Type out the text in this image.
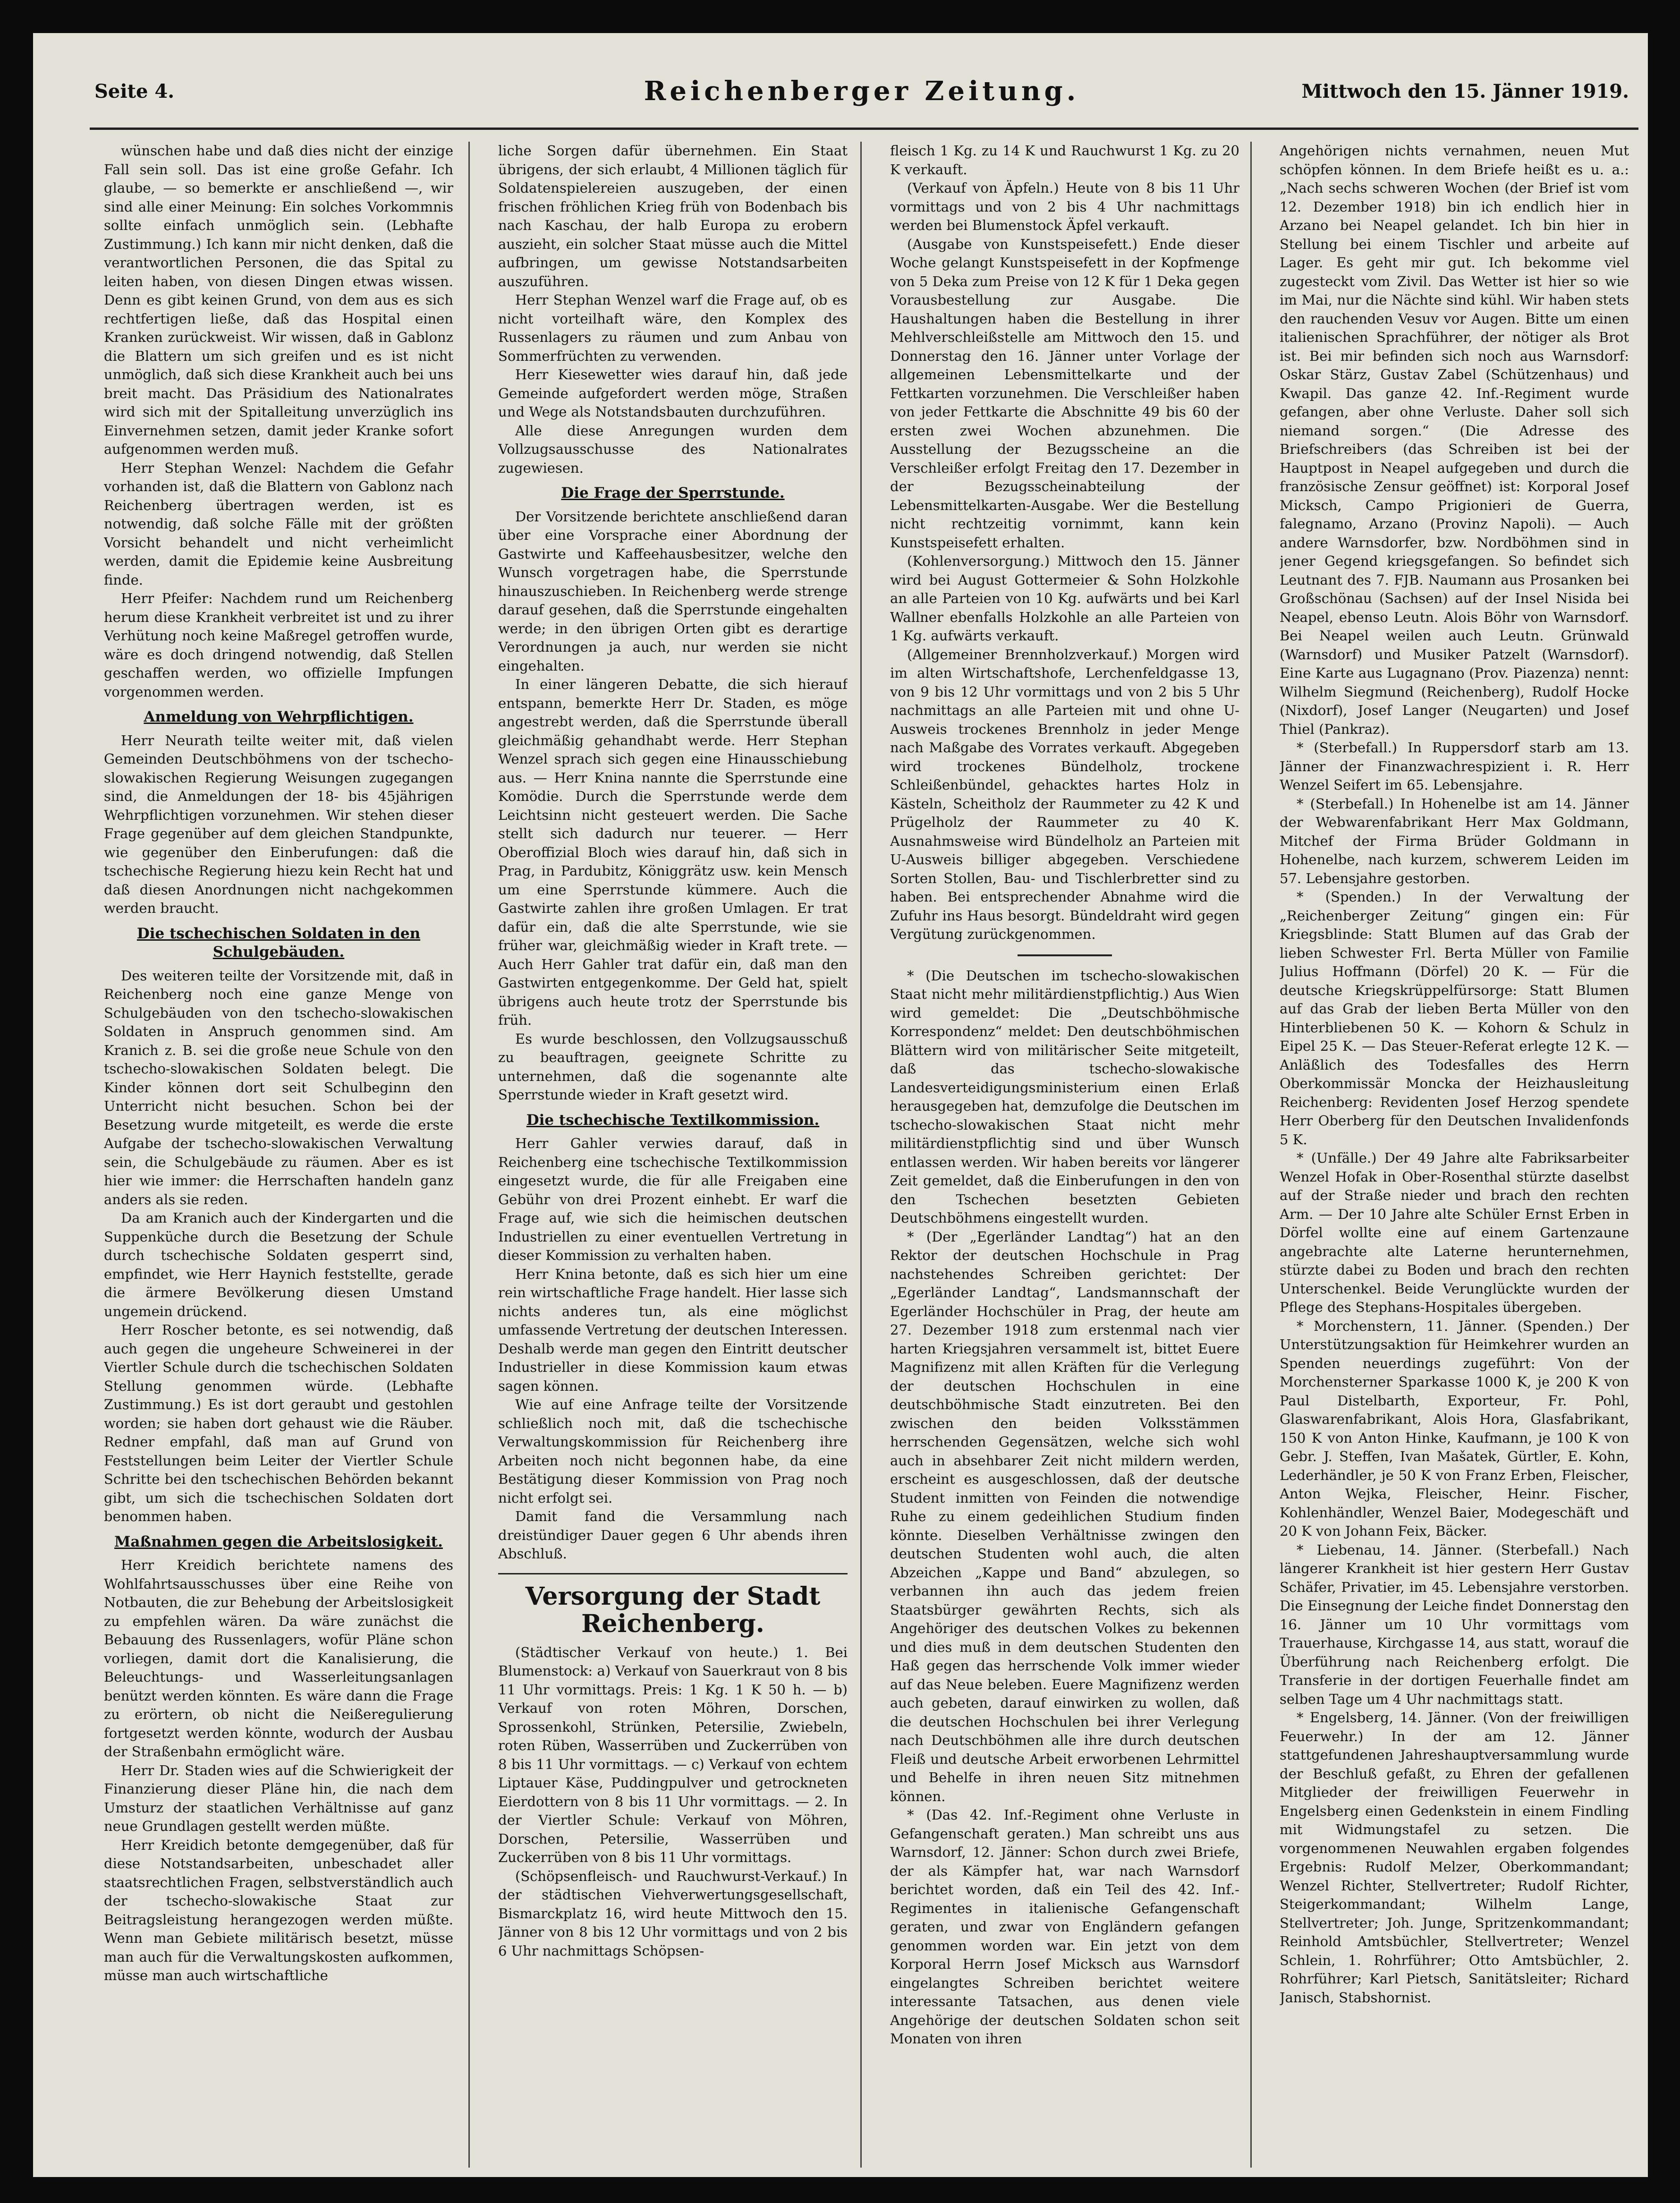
Seite 4.	Reichenberger Zeitung.	Mittwoch den 15. Jänner 1919.

wünschen habe und daß dies nicht der einzige Fall sein soll. Das ist eine große Gefahr. Ich glaube, — so bemerkte er anschließend —, wir sind alle einer Meinung: Ein solches Vorkommnis sollte einfach unmöglich sein. (Lebhafte Zustimmung.) Ich kann mir nicht denken, daß die verantwortlichen Personen, die das Spital zu leiten haben, von diesen Dingen etwas wissen. Denn es gibt keinen Grund, von dem aus es sich rechtfertigen ließe, daß das Hospital einen Kranken zurückweist. Wir wissen, daß in Gablonz die Blattern um sich greifen und es ist nicht unmöglich, daß sich diese Krankheit auch bei uns breit macht. Das Präsidium des Nationalrates wird sich mit der Spitalleitung unverzüglich ins Einvernehmen setzen, damit jeder Kranke sofort aufgenommen werden muß.

Herr Stephan Wenzel: Nachdem die Gefahr vorhanden ist, daß die Blattern von Gablonz nach Reichenberg übertragen werden, ist es notwendig, daß solche Fälle mit der größten Vorsicht behandelt und nicht verheimlicht werden, damit die Epidemie keine Ausbreitung finde.

Herr Pfeifer: Nachdem rund um Reichenberg herum diese Krankheit verbreitet ist und zu ihrer Verhütung noch keine Maßregel getroffen wurde, wäre es doch dringend notwendig, daß Stellen geschaffen werden, wo offizielle Impfungen vorgenommen werden.

Anmeldung von Wehrpflichtigen.

Herr Neurath teilte weiter mit, daß vielen Gemeinden Deutschböhmens von der tschecho-slowakischen Regierung Weisungen zugegangen sind, die Anmeldungen der 18- bis 45jährigen Wehrpflichtigen vorzunehmen. Wir stehen dieser Frage gegenüber auf dem gleichen Standpunkte, wie gegenüber den Einberufungen: daß die tschechische Regierung hiezu kein Recht hat und daß diesen Anordnungen nicht nachgekommen werden braucht.

Die tschechischen Soldaten in den Schulgebäuden.

Des weiteren teilte der Vorsitzende mit, daß in Reichenberg noch eine ganze Menge von Schulgebäuden von den tschecho-slowakischen Soldaten in Anspruch genommen sind. Am Kranich z. B. sei die große neue Schule von den tschecho-slowakischen Soldaten belegt. Die Kinder können dort seit Schulbeginn den Unterricht nicht besuchen. Schon bei der Besetzung wurde mitgeteilt, es werde die erste Aufgabe der tschecho-slowakischen Verwaltung sein, die Schulgebäude zu räumen. Aber es ist hier wie immer: die Herrschaften handeln ganz anders als sie reden.

Da am Kranich auch der Kindergarten und die Suppenküche durch die Besetzung der Schule durch tschechische Soldaten gesperrt sind, empfindet, wie Herr Haynich feststellte, gerade die ärmere Bevölkerung diesen Umstand ungemein drückend.

Herr Roscher betonte, es sei notwendig, daß auch gegen die ungeheure Schweinerei in der Viertler Schule durch die tschechischen Soldaten Stellung genommen würde. (Lebhafte Zustimmung.) Es ist dort geraubt und gestohlen worden; sie haben dort gehaust wie die Räuber. Redner empfahl, daß man auf Grund von Feststellungen beim Leiter der Viertler Schule Schritte bei den tschechischen Behörden bekannt gibt, um sich die tschechischen Soldaten dort benommen haben.

Maßnahmen gegen die Arbeitslosigkeit.

Herr Kreidich berichtete namens des Wohlfahrtsausschusses über eine Reihe von Notbauten, die zur Behebung der Arbeitslosigkeit zu empfehlen wären. Da wäre zunächst die Bebauung des Russenlagers, wofür Pläne schon vorliegen, damit dort die Kanalisierung, die Beleuchtungs- und Wasserleitungsanlagen benützt werden könnten. Es wäre dann die Frage zu erörtern, ob nicht die Neißeregulierung fortgesetzt werden könnte, wodurch der Ausbau der Straßenbahn ermöglicht wäre.

Herr Dr. Staden wies auf die Schwierigkeit der Finanzierung dieser Pläne hin, die nach dem Umsturz der staatlichen Verhältnisse auf ganz neue Grundlagen gestellt werden müßte.

Herr Kreidich betonte demgegenüber, daß für diese Notstandsarbeiten, unbeschadet aller staatsrechtlichen Fragen, selbstverständlich auch der tschecho-slowakische Staat zur Beitragsleistung herangezogen werden müßte. Wenn man Gebiete militärisch besetzt, müsse man auch für die Verwaltungskosten aufkommen, müsse man auch wirtschaftliche

liche Sorgen dafür übernehmen. Ein Staat übrigens, der sich erlaubt, 4 Millionen täglich für Soldatenspielereien auszugeben, der einen frischen fröhlichen Krieg früh von Bodenbach bis nach Kaschau, der halb Europa zu erobern auszieht, ein solcher Staat müsse auch die Mittel aufbringen, um gewisse Notstandsarbeiten auszuführen.

Herr Stephan Wenzel warf die Frage auf, ob es nicht vorteilhaft wäre, den Komplex des Russenlagers zu räumen und zum Anbau von Sommerfrüchten zu verwenden.

Herr Kiesewetter wies darauf hin, daß jede Gemeinde aufgefordert werden möge, Straßen und Wege als Notstandsbauten durchzuführen.

Alle diese Anregungen wurden dem Vollzugsausschusse des Nationalrates zugewiesen.

Die Frage der Sperrstunde.

Der Vorsitzende berichtete anschließend daran über eine Vorsprache einer Abordnung der Gastwirte und Kaffeehausbesitzer, welche den Wunsch vorgetragen habe, die Sperrstunde hinauszuschieben. In Reichenberg werde strenge darauf gesehen, daß die Sperrstunde eingehalten werde; in den übrigen Orten gibt es derartige Verordnungen ja auch, nur werden sie nicht eingehalten.

In einer längeren Debatte, die sich hierauf entspann, bemerkte Herr Dr. Staden, es möge angestrebt werden, daß die Sperrstunde überall gleichmäßig gehandhabt werde. Herr Stephan Wenzel sprach sich gegen eine Hinausschiebung aus. — Herr Knina nannte die Sperrstunde eine Komödie. Durch die Sperrstunde werde dem Leichtsinn nicht gesteuert werden. Die Sache stellt sich dadurch nur teuerer. — Herr Oberoffizial Bloch wies darauf hin, daß sich in Prag, in Pardubitz, Königgrätz usw. kein Mensch um eine Sperrstunde kümmere. Auch die Gastwirte zahlen ihre großen Umlagen. Er trat dafür ein, daß die alte Sperrstunde, wie sie früher war, gleichmäßig wieder in Kraft trete. — Auch Herr Gahler trat dafür ein, daß man den Gastwirten entgegenkomme. Der Geld hat, spielt übrigens auch heute trotz der Sperrstunde bis früh.

Es wurde beschlossen, den Vollzugsausschuß zu beauftragen, geeignete Schritte zu unternehmen, daß die sogenannte alte Sperrstunde wieder in Kraft gesetzt wird.

Die tschechische Textilkommission.

Herr Gahler verwies darauf, daß in Reichenberg eine tschechische Textilkommission eingesetzt wurde, die für alle Freigaben eine Gebühr von drei Prozent einhebt. Er warf die Frage auf, wie sich die heimischen deutschen Industriellen zu einer eventuellen Vertretung in dieser Kommission zu verhalten haben.

Herr Knina betonte, daß es sich hier um eine rein wirtschaftliche Frage handelt. Hier lasse sich nichts anderes tun, als eine möglichst umfassende Vertretung der deutschen Interessen. Deshalb werde man gegen den Eintritt deutscher Industrieller in diese Kommission kaum etwas sagen können.

Wie auf eine Anfrage teilte der Vorsitzende schließlich noch mit, daß die tschechische Verwaltungskommission für Reichenberg ihre Arbeiten noch nicht begonnen habe, da eine Bestätigung dieser Kommission von Prag noch nicht erfolgt sei.

Damit fand die Versammlung nach dreistündiger Dauer gegen 6 Uhr abends ihren Abschluß.

Versorgung der Stadt Reichenberg.

(Städtischer Verkauf von heute.) 1. Bei Blumenstock: a) Verkauf von Sauerkraut von 8 bis 11 Uhr vormittags. Preis: 1 Kg. 1 K 50 h. — b) Verkauf von roten Möhren, Dorschen, Sprossenkohl, Strünken, Petersilie, Zwiebeln, roten Rüben, Wasserrüben und Zuckerrüben von 8 bis 11 Uhr vormittags. — c) Verkauf von echtem Liptauer Käse, Puddingpulver und getrockneten Eierdottern von 8 bis 11 Uhr vormittags. — 2. In der Viertler Schule: Verkauf von Möhren, Dorschen, Petersilie, Wasserrüben und Zuckerrüben von 8 bis 11 Uhr vormittags.

(Schöpsenfleisch- und Rauchwurst-Verkauf.) In der städtischen Viehverwertungsgesellschaft, Bismarckplatz 16, wird heute Mittwoch den 15. Jänner von 8 bis 12 Uhr vormittags und von 2 bis 6 Uhr nachmittags Schöpsen-

fleisch 1 Kg. zu 14 K und Rauchwurst 1 Kg. zu 20 K verkauft.

(Verkauf von Äpfeln.) Heute von 8 bis 11 Uhr vormittags und von 2 bis 4 Uhr nachmittags werden bei Blumenstock Äpfel verkauft.

(Ausgabe von Kunstspeisefett.) Ende dieser Woche gelangt Kunstspeisefett in der Kopfmenge von 5 Deka zum Preise von 12 K für 1 Deka gegen Vorausbestellung zur Ausgabe. Die Haushaltungen haben die Bestellung in ihrer Mehlverschleißstelle am Mittwoch den 15. und Donnerstag den 16. Jänner unter Vorlage der allgemeinen Lebensmittelkarte und der Fettkarten vorzunehmen. Die Verschleißer haben von jeder Fettkarte die Abschnitte 49 bis 60 der ersten zwei Wochen abzunehmen. Die Ausstellung der Bezugsscheine an die Verschleißer erfolgt Freitag den 17. Dezember in der Bezugsscheinabteilung der Lebensmittelkarten-Ausgabe. Wer die Bestellung nicht rechtzeitig vornimmt, kann kein Kunstspeisefett erhalten.

(Kohlenversorgung.) Mittwoch den 15. Jänner wird bei August Gottermeier & Sohn Holzkohle an alle Parteien von 10 Kg. aufwärts und bei Karl Wallner ebenfalls Holzkohle an alle Parteien von 1 Kg. aufwärts verkauft.

(Allgemeiner Brennholzverkauf.) Morgen wird im alten Wirtschaftshofe, Lerchenfeldgasse 13, von 9 bis 12 Uhr vormittags und von 2 bis 5 Uhr nachmittags an alle Parteien mit und ohne U-Ausweis trockenes Brennholz in jeder Menge nach Maßgabe des Vorrates verkauft. Abgegeben wird trockenes Bündelholz, trockene Schleißenbündel, gehacktes hartes Holz in Kästeln, Scheitholz der Raummeter zu 42 K und Prügelholz der Raummeter zu 40 K. Ausnahmsweise wird Bündelholz an Parteien mit U-Ausweis billiger abgegeben. Verschiedene Sorten Stollen, Bau- und Tischlerbretter sind zu haben. Bei entsprechender Abnahme wird die Zufuhr ins Haus besorgt. Bündeldraht wird gegen Vergütung zurückgenommen.

* (Die Deutschen im tschecho-slowakischen Staat nicht mehr militärdienstpflichtig.) Aus Wien wird gemeldet: Die „Deutschböhmische Korrespondenz“ meldet: Den deutschböhmischen Blättern wird von militärischer Seite mitgeteilt, daß das tschecho-slowakische Landesverteidigungsministerium einen Erlaß herausgegeben hat, demzufolge die Deutschen im tschecho-slowakischen Staat nicht mehr militärdienstpflichtig sind und über Wunsch entlassen werden. Wir haben bereits vor längerer Zeit gemeldet, daß die Einberufungen in den von den Tschechen besetzten Gebieten Deutschböhmens eingestellt wurden.

* (Der „Egerländer Landtag“) hat an den Rektor der deutschen Hochschule in Prag nachstehendes Schreiben gerichtet: Der „Egerländer Landtag“, Landsmannschaft der Egerländer Hochschüler in Prag, der heute am 27. Dezember 1918 zum erstenmal nach vier harten Kriegsjahren versammelt ist, bittet Euere Magnifizenz mit allen Kräften für die Verlegung der deutschen Hochschulen in eine deutschböhmische Stadt einzutreten. Bei den zwischen den beiden Volksstämmen herrschenden Gegensätzen, welche sich wohl auch in absehbarer Zeit nicht mildern werden, erscheint es ausgeschlossen, daß der deutsche Student inmitten von Feinden die notwendige Ruhe zu einem gedeihlichen Studium finden könnte. Dieselben Verhältnisse zwingen den deutschen Studenten wohl auch, die alten Abzeichen „Kappe und Band“ abzulegen, so verbannen ihn auch das jedem freien Staatsbürger gewährten Rechts, sich als Angehöriger des deutschen Volkes zu bekennen und dies muß in dem deutschen Studenten den Haß gegen das herrschende Volk immer wieder auf das Neue beleben. Euere Magnifizenz werden auch gebeten, darauf einwirken zu wollen, daß die deutschen Hochschulen bei ihrer Verlegung nach Deutschböhmen alle ihre durch deutschen Fleiß und deutsche Arbeit erworbenen Lehrmittel und Behelfe in ihren neuen Sitz mitnehmen können.

* (Das 42. Inf.-Regiment ohne Verluste in Gefangenschaft geraten.) Man schreibt uns aus Warnsdorf, 12. Jänner: Schon durch zwei Briefe, der als Kämpfer hat, war nach Warnsdorf berichtet worden, daß ein Teil des 42. Inf.-Regimentes in italienische Gefangenschaft geraten, und zwar von Engländern gefangen genommen worden war. Ein jetzt von dem Korporal Herrn Josef Micksch aus Warnsdorf eingelangtes Schreiben berichtet weitere interessante Tatsachen, aus denen viele Angehörige der deutschen Soldaten schon seit Monaten von ihren

Angehörigen nichts vernahmen, neuen Mut schöpfen können. In dem Briefe heißt es u. a.: „Nach sechs schweren Wochen (der Brief ist vom 12. Dezember 1918) bin ich endlich hier in Arzano bei Neapel gelandet. Ich bin hier in Stellung bei einem Tischler und arbeite auf Lager. Es geht mir gut. Ich bekomme viel zugesteckt vom Zivil. Das Wetter ist hier so wie im Mai, nur die Nächte sind kühl. Wir haben stets den rauchenden Vesuv vor Augen. Bitte um einen italienischen Sprachführer, der nötiger als Brot ist. Bei mir befinden sich noch aus Warnsdorf: Oskar Stärz, Gustav Zabel (Schützenhaus) und Kwapil. Das ganze 42. Inf.-Regiment wurde gefangen, aber ohne Verluste. Daher soll sich niemand sorgen.“ (Die Adresse des Briefschreibers (das Schreiben ist bei der Hauptpost in Neapel aufgegeben und durch die französische Zensur geöffnet) ist: Korporal Josef Micksch, Campo Prigionieri de Guerra, falegnamo, Arzano (Provinz Napoli). — Auch andere Warnsdorfer, bzw. Nordböhmen sind in jener Gegend kriegsgefangen. So befindet sich Leutnant des 7. FJB. Naumann aus Prosanken bei Großschönau (Sachsen) auf der Insel Nisida bei Neapel, ebenso Leutn. Alois Böhr von Warnsdorf. Bei Neapel weilen auch Leutn. Grünwald (Warnsdorf) und Musiker Patzelt (Warnsdorf). Eine Karte aus Lugagnano (Prov. Piazenza) nennt: Wilhelm Siegmund (Reichenberg), Rudolf Hocke (Nixdorf), Josef Langer (Neugarten) und Josef Thiel (Pankraz).

* (Sterbefall.) In Ruppersdorf starb am 13. Jänner der Finanzwachrespizient i. R. Herr Wenzel Seifert im 65. Lebensjahre.

* (Sterbefall.) In Hohenelbe ist am 14. Jänner der Webwarenfabrikant Herr Max Goldmann, Mitchef der Firma Brüder Goldmann in Hohenelbe, nach kurzem, schwerem Leiden im 57. Lebensjahre gestorben.

* (Spenden.) In der Verwaltung der „Reichenberger Zeitung“ gingen ein: Für Kriegsblinde: Statt Blumen auf das Grab der lieben Schwester Frl. Berta Müller von Familie Julius Hoffmann (Dörfel) 20 K. — Für die deutsche Kriegskrüppelfürsorge: Statt Blumen auf das Grab der lieben Berta Müller von den Hinterbliebenen 50 K. — Kohorn & Schulz in Eipel 25 K. — Das Steuer-Referat erlegte 12 K. — Anläßlich des Todesfalles des Herrn Oberkommissär Moncka der Heizhausleitung Reichenberg: Revidenten Josef Herzog spendete Herr Oberberg für den Deutschen Invalidenfonds 5 K.

* (Unfälle.) Der 49 Jahre alte Fabriksarbeiter Wenzel Hofak in Ober-Rosenthal stürzte daselbst auf der Straße nieder und brach den rechten Arm. — Der 10 Jahre alte Schüler Ernst Erben in Dörfel wollte eine auf einem Gartenzaune angebrachte alte Laterne herunternehmen, stürzte dabei zu Boden und brach den rechten Unterschenkel. Beide Verunglückte wurden der Pflege des Stephans-Hospitales übergeben.

* Morchenstern, 11. Jänner. (Spenden.) Der Unterstützungsaktion für Heimkehrer wurden an Spenden neuerdings zugeführt: Von der Morchensterner Sparkasse 1000 K, je 200 K von Paul Distelbarth, Exporteur, Fr. Pohl, Glaswarenfabrikant, Alois Hora, Glasfabrikant, 150 K von Anton Hinke, Kaufmann, je 100 K von Gebr. J. Steffen, Ivan Mašatek, Gürtler, E. Kohn, Lederhändler, je 50 K von Franz Erben, Fleischer, Anton Wejka, Fleischer, Heinr. Fischer, Kohlenhändler, Wenzel Baier, Modegeschäft und 20 K von Johann Feix, Bäcker.

* Liebenau, 14. Jänner. (Sterbefall.) Nach längerer Krankheit ist hier gestern Herr Gustav Schäfer, Privatier, im 45. Lebensjahre verstorben. Die Einsegnung der Leiche findet Donnerstag den 16. Jänner um 10 Uhr vormittags vom Trauerhause, Kirchgasse 14, aus statt, worauf die Überführung nach Reichenberg erfolgt. Die Transferie in der dortigen Feuerhalle findet am selben Tage um 4 Uhr nachmittags statt.

* Engelsberg, 14. Jänner. (Von der freiwilligen Feuerwehr.) In der am 12. Jänner stattgefundenen Jahreshauptversammlung wurde der Beschluß gefaßt, zu Ehren der gefallenen Mitglieder der freiwilligen Feuerwehr in Engelsberg einen Gedenkstein in einem Findling mit Widmungstafel zu setzen. Die vorgenommenen Neuwahlen ergaben folgendes Ergebnis: Rudolf Melzer, Oberkommandant; Wenzel Richter, Stellvertreter; Rudolf Richter, Steigerkommandant; Wilhelm Lange, Stellvertreter; Joh. Junge, Spritzenkommandant; Reinhold Amtsbüchler, Stellvertreter; Wenzel Schlein, 1. Rohrführer; Otto Amtsbüchler, 2. Rohrführer; Karl Pietsch, Sanitätsleiter; Richard Janisch, Stabshornist.
